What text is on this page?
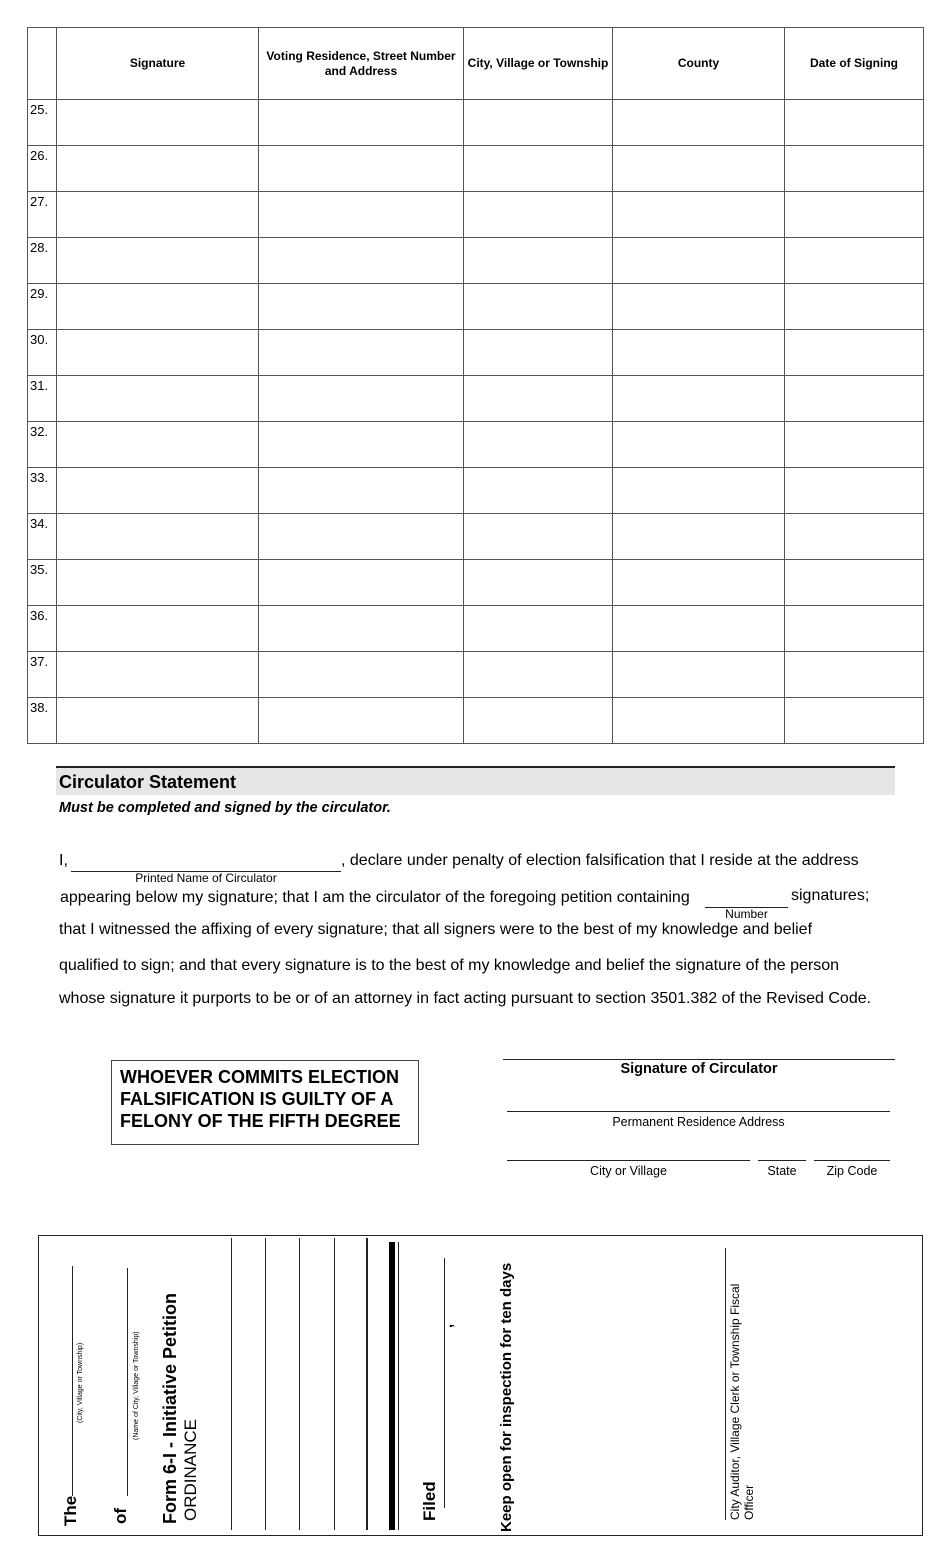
	Signature	Voting Residence, Street Number and Address	City, Village or Township	County	Date of Signing
25.					
26.					
27.					
28.					
29.					
30.					
31.					
32.					
33.					
34.					
35.					
36.					
37.					
38.					
Circulator Statement
Must be completed and signed by the circulator.
I,	, declare under penalty of election falsification that I reside at the address
Printed Name of Circulator
appearing below my signature; that I am the circulator of the foregoing petition containing	signatures;
Number
that I witnessed the affixing of every signature; that all signers were to the best of my knowledge and belief
qualified to sign; and that every signature is to the best of my knowledge and belief the signature of the person
whose signature it purports to be or of an attorney in fact acting pursuant to section 3501.382 of the Revised Code.
WHOEVER COMMITS ELECTION
FALSIFICATION IS GUILTY OF A
FELONY OF THE FIFTH DEGREE
Signature of Circulator
Permanent Residence Address
City or Village	State	Zip Code
The
(City, Village or Township)
of
(Name of City, Village or Township) Form 6-I - Initiative Petition ORDINANCE	Filed
,	Keep open for inspection for ten days	City Auditor, Village Clerk or Township Fiscal Officer
